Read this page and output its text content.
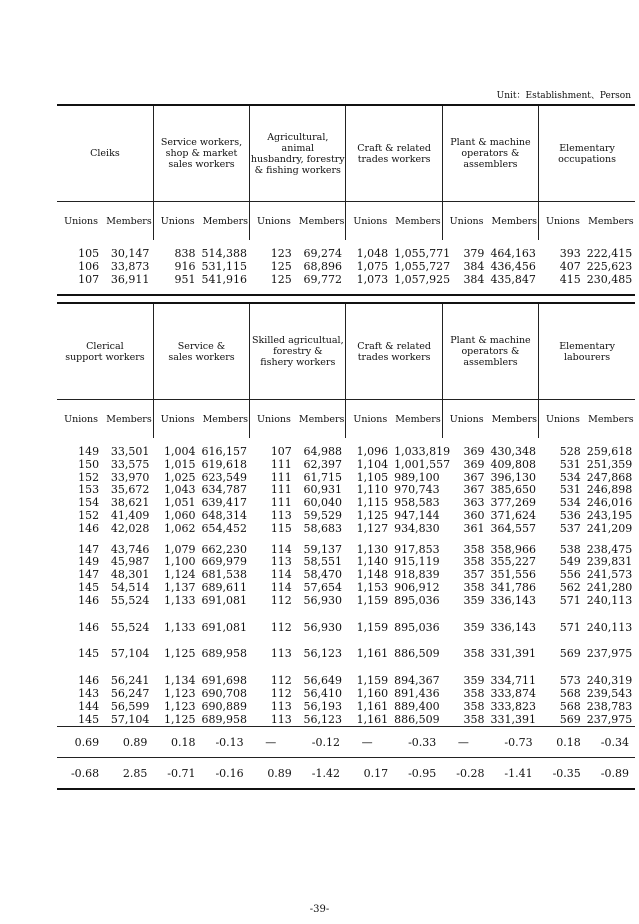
Unit：Establishment、Person
Cleiks		Service workers,
shop & market
sales workers		Agricultural, animal
husbandry, forestry
& fishing workers		Craft & related
trades workers		Plant & machine
operators &
assemblers		Elementary
occupations	
Unions	Members	Unions	Members	Unions	Members	Unions	Members	Unions	Members	Unions	Members

105	30,147	838	514,388	123	69,274	1,048	1,055,771	379	464,163	393	222,415
106	33,873	916	531,115	125	68,896	1,075	1,055,727	384	436,456	407	225,623
107	36,911	951	541,916	125	69,772	1,073	1,057,925	384	435,847	415	230,485

Clerical
support workers		Service &
sales workers		Skilled agricultual,
forestry &
fishery workers		Craft & related
trades workers		Plant & machine
operators &
assemblers		Elementary
labourers	
Unions	Members	Unions	Members	Unions	Members	Unions	Members	Unions	Members	Unions	Members

149	33,501	1,004	616,157	107	64,988	1,096	1,033,819	369	430,348	528	259,618
150	33,575	1,015	619,618	111	62,397	1,104	1,001,557	369	409,808	531	251,359
152	33,970	1,025	623,549	111	61,715	1,105	989,100	367	396,130	534	247,868
153	35,672	1,043	634,787	111	60,931	1,110	970,743	367	385,650	531	246,898
154	38,621	1,051	639,417	111	60,040	1,115	958,583	363	377,269	534	246,016
152	41,409	1,060	648,314	113	59,529	1,125	947,144	360	371,624	536	243,195
146	42,028	1,062	654,452	115	58,683	1,127	934,830	361	364,557	537	241,209

147	43,746	1,079	662,230	114	59,137	1,130	917,853	358	358,966	538	238,475
149	45,987	1,100	669,979	113	58,551	1,140	915,119	358	355,227	549	239,831
147	48,301	1,124	681,538	114	58,470	1,148	918,839	357	351,556	556	241,573
145	54,514	1,137	689,611	114	57,654	1,153	906,912	358	341,786	562	241,280
146	55,524	1,133	691,081	112	56,930	1,159	895,036	359	336,143	571	240,113

146	55,524	1,133	691,081	112	56,930	1,159	895,036	359	336,143	571	240,113

145	57,104	1,125	689,958	113	56,123	1,161	886,509	358	331,391	569	237,975

146	56,241	1,134	691,698	112	56,649	1,159	894,367	359	334,711	573	240,319
143	56,247	1,123	690,708	112	56,410	1,160	891,436	358	333,874	568	239,543
144	56,599	1,123	690,889	113	56,193	1,161	889,400	358	333,823	568	238,783
145	57,104	1,125	689,958	113	56,123	1,161	886,509	358	331,391	569	237,975
0.69	0.89	0.18	-0.13	—	-0.12	—	-0.33	—	-0.73	0.18	-0.34
-0.68	2.85	-0.71	-0.16	0.89	-1.42	0.17	-0.95	-0.28	-1.41	-0.35	-0.89
-39-
